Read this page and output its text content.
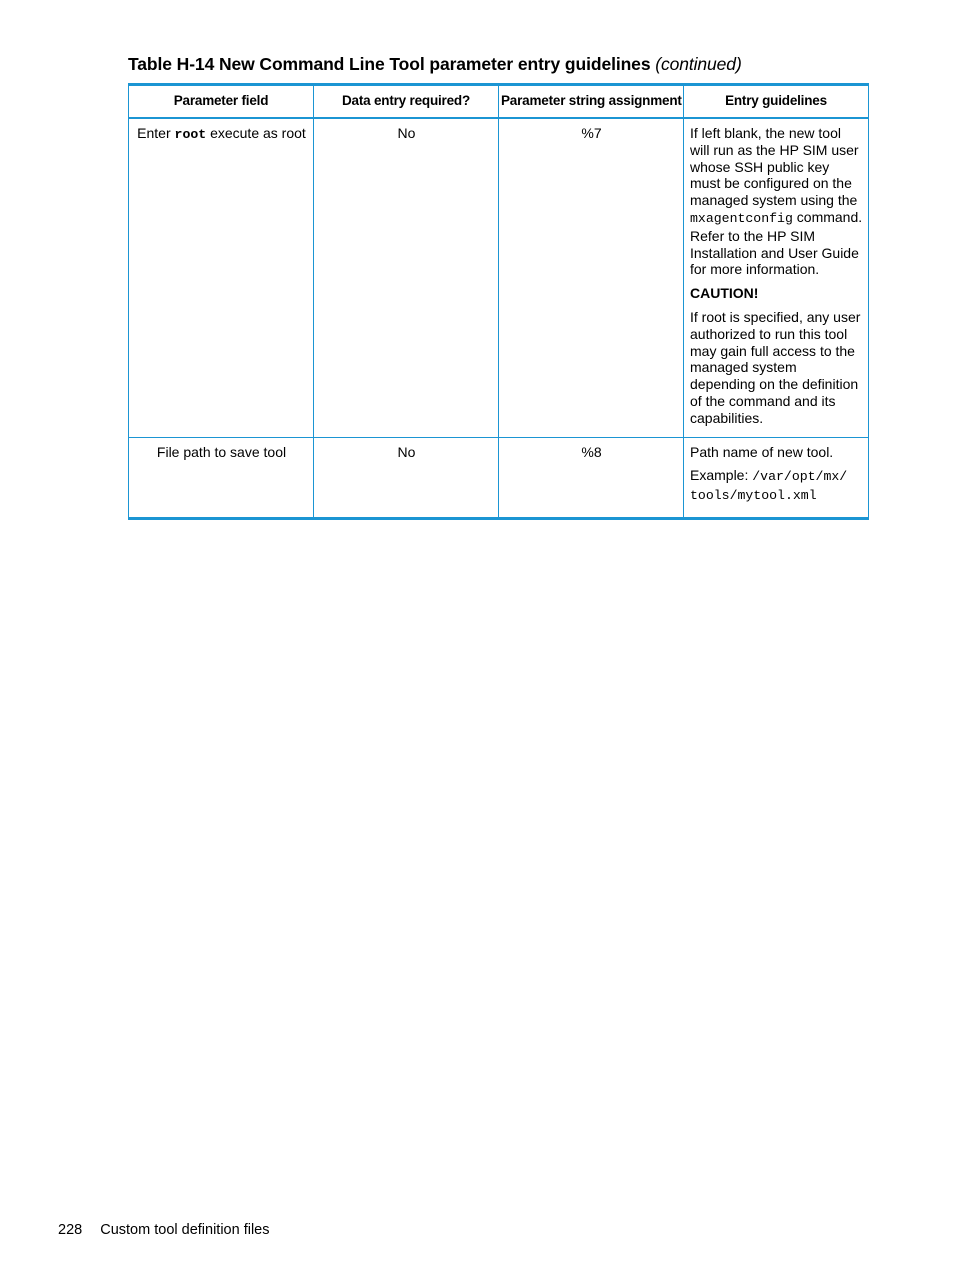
Table H-14 New Command Line Tool parameter entry guidelines (continued)
Parameter field	Data entry required?	Parameter string assignment	Entry guidelines
Enter root execute as root	No	%7	If left blank, the new tool will run as the HP SIM user whose SSH public key must be configured on the managed system using the mxagentconfig command. Refer to the HP SIM Installation and User Guide for more information.

CAUTION!

If root is specified, any user authorized to run this tool may gain full access to the managed system depending on the definition of the command and its capabilities.

File path to save tool	No	%8	Path name of new tool.

Example: /var/opt/mx/
tools/mytool.xml

228 Custom tool definition files
